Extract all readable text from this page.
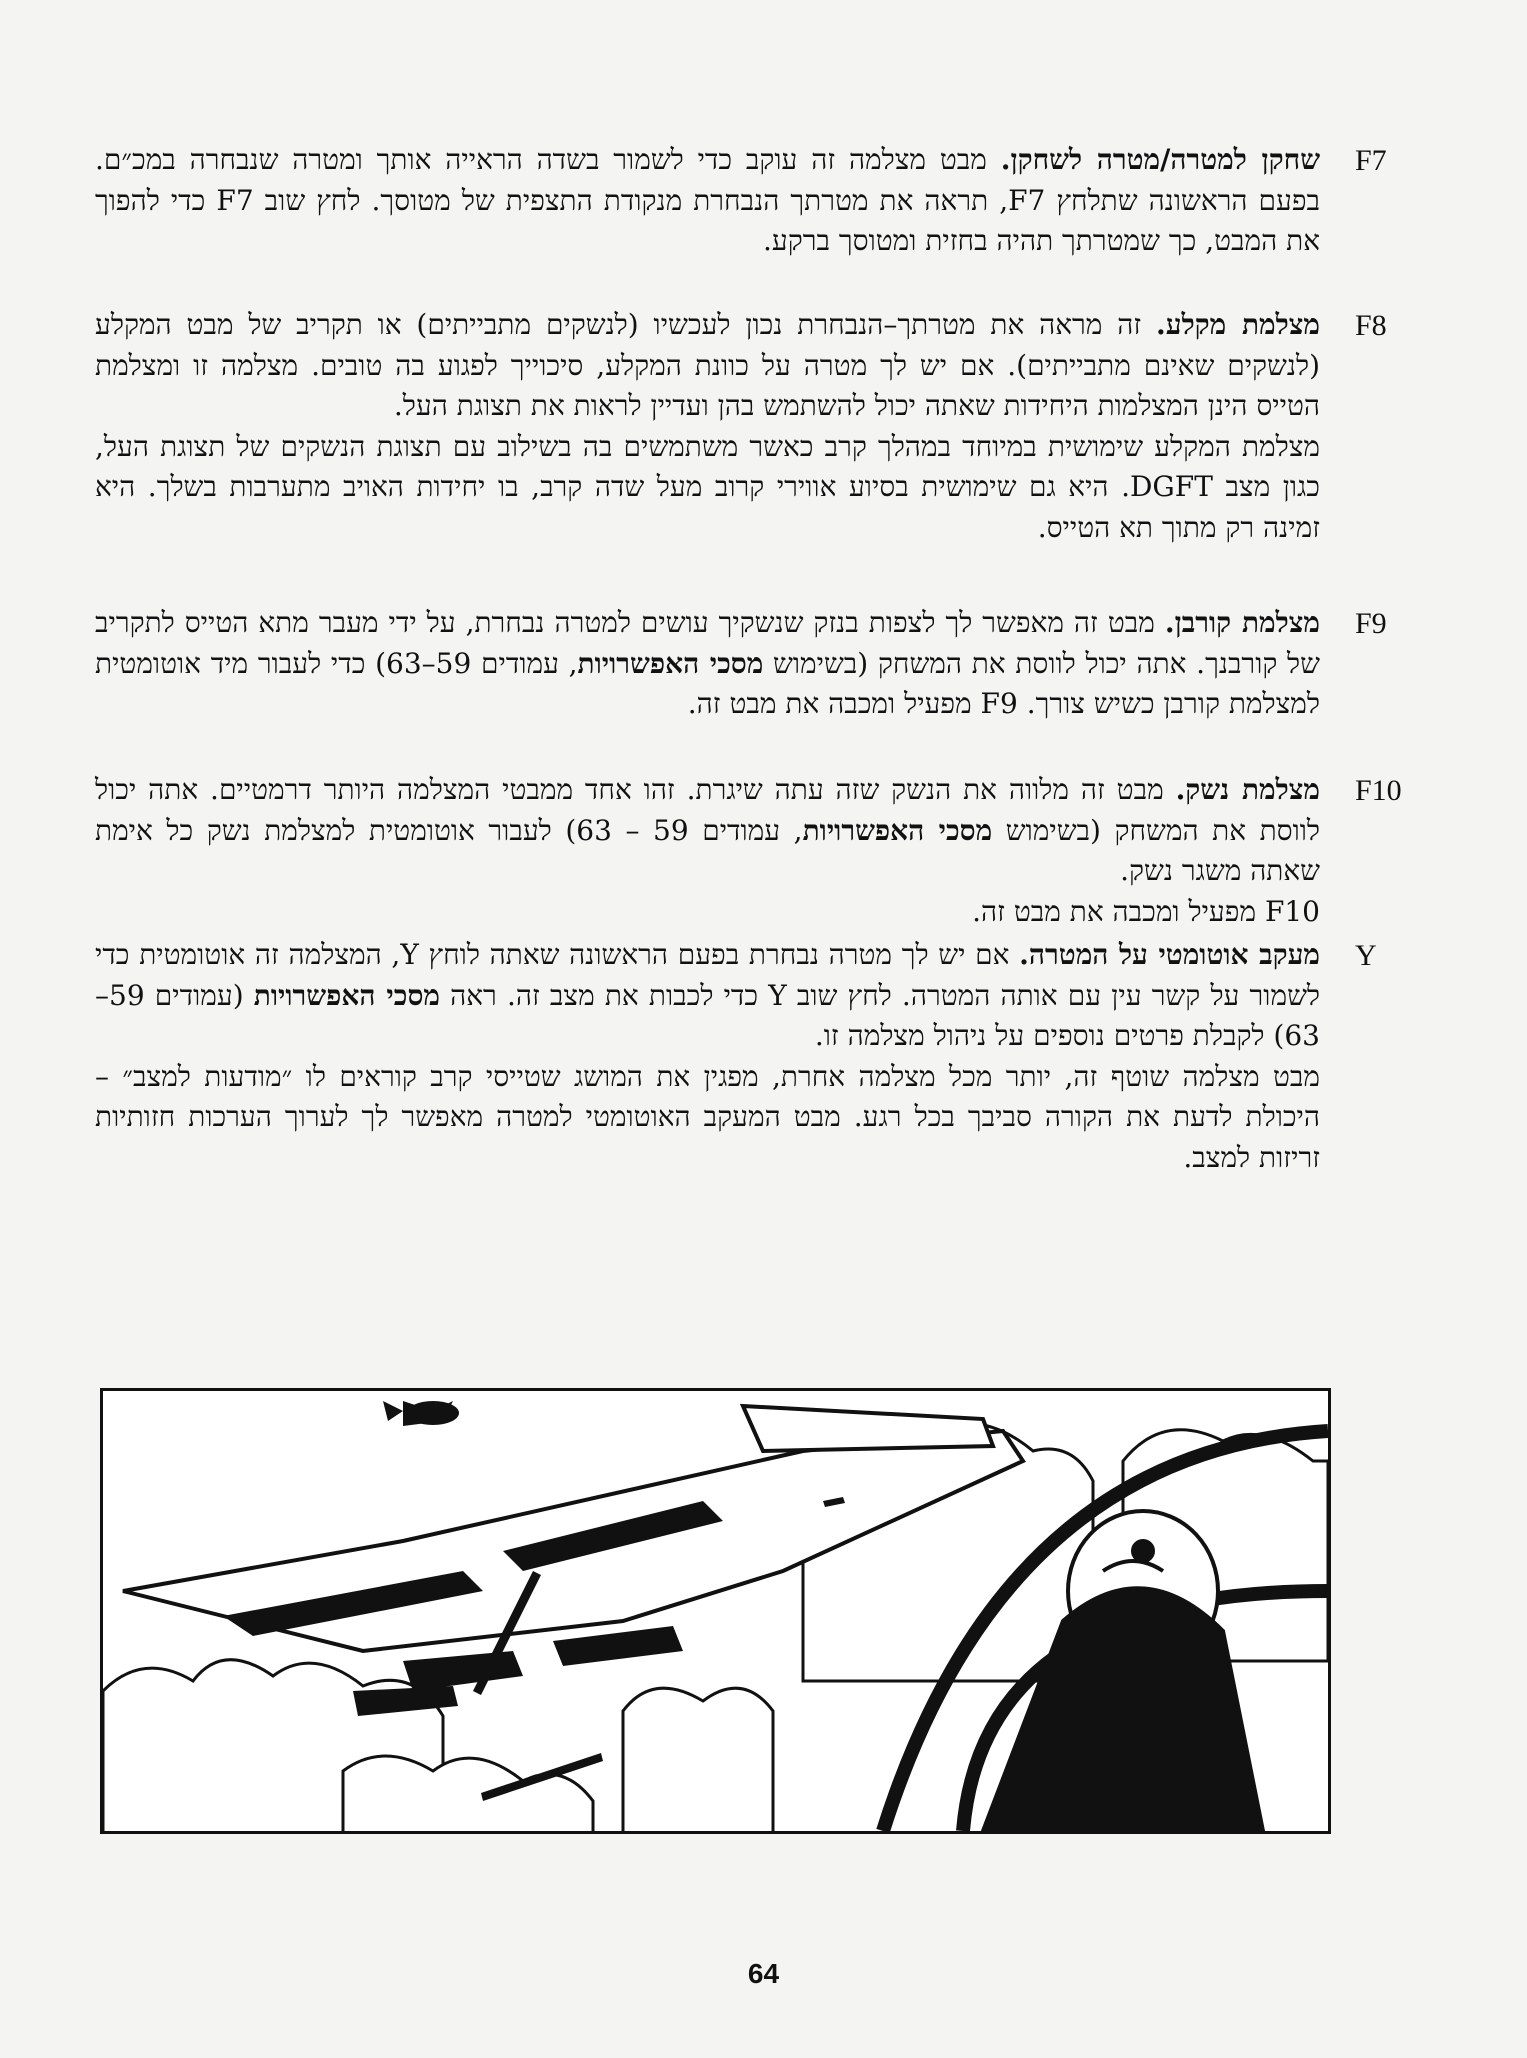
F7

שחקן למטרה/מטרה לשחקן. מבט מצלמה זה עוקב כדי לשמור בשדה הראייה אותך ומטרה שנבחרה במכ״ם. בפעם הראשונה שתלחץ F7, תראה את מטרתך הנבחרת מנקודת התצפית של מטוסך. לחץ שוב F7 כדי להפוך את המבט, כך שמטרתך תהיה בחזית ומטוסך ברקע.

F8

מצלמת מקלע. זה מראה את מטרתך–הנבחרת נכון לעכשיו (לנשקים מתבייתים) או תקריב של מבט המקלע (לנשקים שאינם מתבייתים). אם יש לך מטרה על כוונת המקלע, סיכוייך לפגוע בה טובים. מצלמה זו ומצלמת הטייס הינן המצלמות היחידות שאתה יכול להשתמש בהן ועדיין לראות את תצוגת העל.

מצלמת המקלע שימושית במיוחד במהלך קרב כאשר משתמשים בה בשילוב עם תצוגת הנשקים של תצוגת העל, כגון מצב DGFT. היא גם שימושית בסיוע אווירי קרוב מעל שדה קרב, בו יחידות האויב מתערבות בשלך. היא זמינה רק מתוך תא הטייס.

F9

מצלמת קורבן. מבט זה מאפשר לך לצפות בנזק שנשקיך עושים למטרה נבחרת, על ידי מעבר מתא הטייס לתקריב של קורבנך. אתה יכול לווסת את המשחק (בשימוש מסכי האפשרויות, עמודים 59–63) כדי לעבור מיד אוטומטית למצלמת קורבן כשיש צורך. F9 מפעיל ומכבה את מבט זה.

F10

מצלמת נשק. מבט זה מלווה את הנשק שזה עתה שיגרת. זהו אחד ממבטי המצלמה היותר דרמטיים. אתה יכול לווסת את המשחק (בשימוש מסכי האפשרויות, עמודים 59 – 63) לעבור אוטומטית למצלמת נשק כל אימת שאתה משגר נשק.

F10 מפעיל ומכבה את מבט זה.

Y

מעקב אוטומטי על המטרה. אם יש לך מטרה נבחרת בפעם הראשונה שאתה לוחץ Y, המצלמה זה אוטומטית כדי לשמור על קשר עין עם אותה המטרה. לחץ שוב Y כדי לכבות את מצב זה. ראה מסכי האפשרויות (עמודים 59–63) לקבלת פרטים נוספים על ניהול מצלמה זו.

מבט מצלמה שוטף זה, יותר מכל מצלמה אחרת, מפגין את המושג שטייסי קרב קוראים לו ״מודעות למצב״ – היכולת לדעת את הקורה סביבך בכל רגע. מבט המעקב האוטומטי למטרה מאפשר לך לערוך הערכות חזותיות זריזות למצב.

64
